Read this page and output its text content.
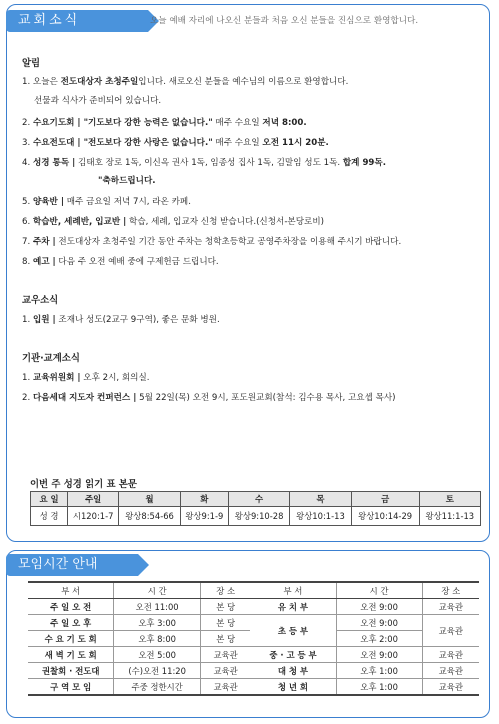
교회소식	오늘 예배 자리에 나오신 분들과 처음 오신 분들을 진심으로 환영합니다.
알림
1. 오늘은 전도대상자 초청주일입니다. 새로오신 분들을 예수님의 이름으로 환영합니다.
선물과 식사가 준비되어 있습니다.
2. 수요기도회 | "기도보다 강한 능력은 없습니다." 매주 수요일 저녁 8:00.
3. 수요전도대 | "전도보다 강한 사랑은 없습니다." 매주 수요일 오전 11시 20분.
4. 성경 통독 | 김태호 장로 1독, 이신옥 권사 1독, 임종성 집사 1독, 김말임 성도 1독. 합계 99독.
"축하드립니다.
5. 양육반 | 매주 금요일 저녁 7시, 라온 카페.
6. 학습반, 세례반, 입교반 | 학습, 세례, 입교자 신청 받습니다.(신청서-본당로비)
7. 주차 | 전도대상자 초청주일 기간 동안 주차는 청학초등학교 공영주차장을 이용해 주시기 바랍니다.
8. 예고 | 다음 주 오전 예배 중에 구제헌금 드립니다.
교우소식
1. 입원 | 조재나 성도(2교구 9구역), 좋은 문화 병원.
기관·교계소식
1. 교육위원회 | 오후 2시, 회의실.
2. 다음세대 지도자 컨퍼런스 | 5월 22일(목) 오전 9시, 포도원교회(참석: 김수용 목사, 고요셉 목사)
이번 주 성경 읽기 표 본문
요 일	주일	월	화	수	목	금	토
성 경	시120:1-7	왕상8:54-66	왕상9:1-9	왕상9:10-28	왕상10:1-13	왕상10:14-29	왕상11:1-13
모임시간 안내
부 서	시 간	장 소	부 서	시 간	장 소
주 일 오 전	오전 11:00	본 당	유 치 부	오전 9:00	교육관
주 일 오 후	오후 3:00	본 당	초 등 부	오전 9:00	교육관
수 요 기 도 회	오후 8:00	본 당		오후 2:00	
새 벽 기 도 회	오전 5:00	교육관	중 · 고 등 부	오전 9:00	교육관
권찰회 · 전도대	(수)오전 11:20	교육관	대 청 부	오후 1:00	교육관
구 역 모 임	주중 정한시간	교육관	청 년 회	오후 1:00	교육관
